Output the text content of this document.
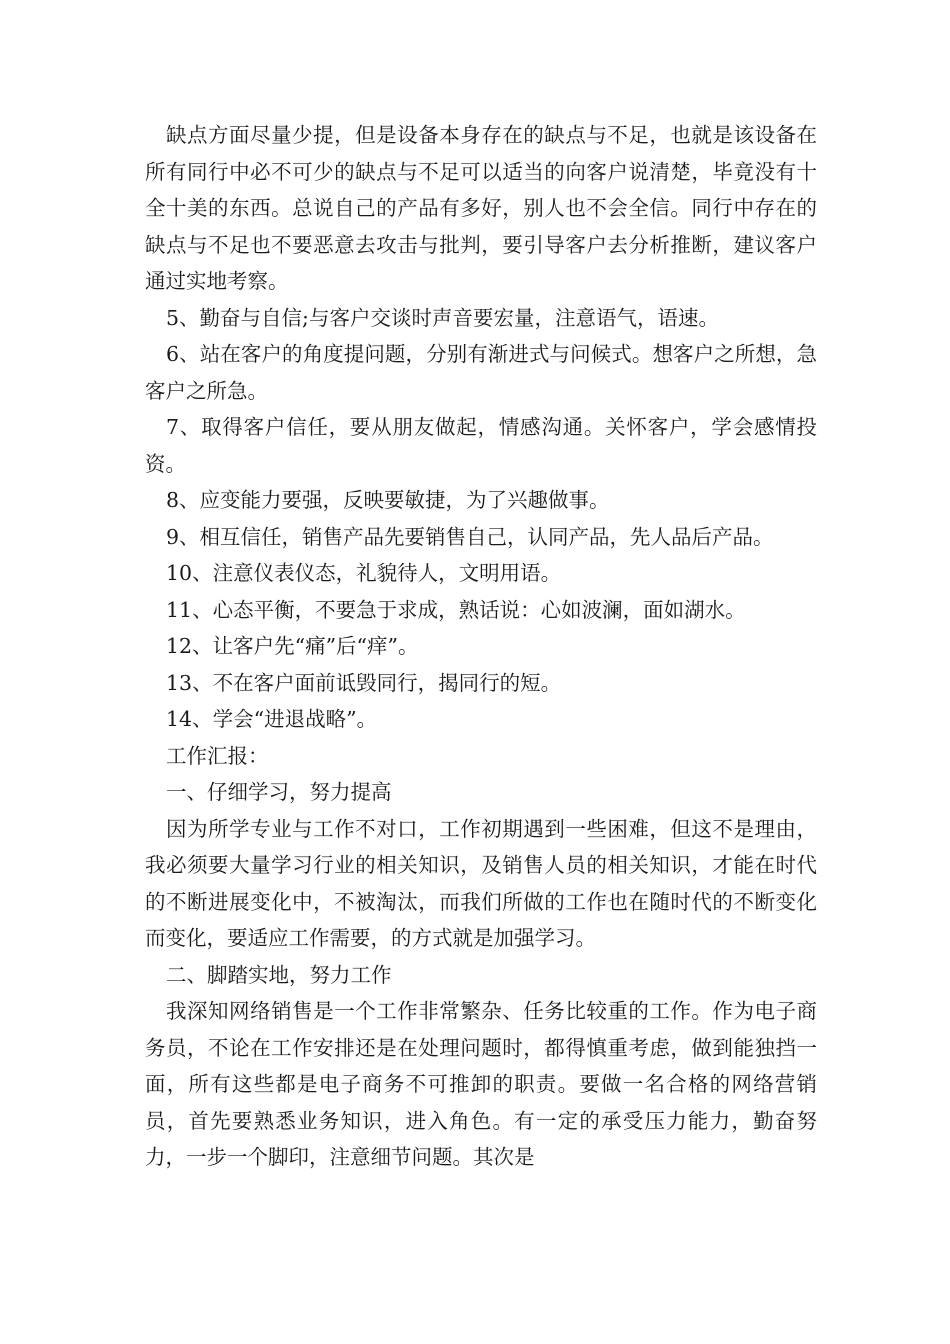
缺点方面尽量少提，但是设备本身存在的缺点与不足，也就是该设备在所有同行中必不可少的缺点与不足可以适当的向客户说清楚，毕竟没有十全十美的东西。总说自己的产品有多好，别人也不会全信。同行中存在的缺点与不足也不要恶意去攻击与批判，要引导客户去分析推断，建议客户通过实地考察。

5、勤奋与自信;与客户交谈时声音要宏量，注意语气，语速。

6、站在客户的角度提问题，分别有渐进式与问候式。想客户之所想，急客户之所急。

7、取得客户信任，要从朋友做起，情感沟通。关怀客户，学会感情投资。

8、应变能力要强，反映要敏捷，为了兴趣做事。

9、相互信任，销售产品先要销售自己，认同产品，先人品后产品。

10、注意仪表仪态，礼貌待人，文明用语。

11、心态平衡，不要急于求成，熟话说：心如波澜，面如湖水。

12、让客户先“痛”后“痒”。

13、不在客户面前诋毁同行，揭同行的短。

14、学会“进退战略”。

工作汇报：

一、仔细学习，努力提高

因为所学专业与工作不对口，工作初期遇到一些困难，但这不是理由，我必须要大量学习行业的相关知识，及销售人员的相关知识，才能在时代的不断进展变化中，不被淘汰，而我们所做的工作也在随时代的不断变化而变化，要适应工作需要，的方式就是加强学习。

二、脚踏实地，努力工作

我深知网络销售是一个工作非常繁杂、任务比较重的工作。作为电子商务员，不论在工作安排还是在处理问题时，都得慎重考虑，做到能独挡一面，所有这些都是电子商务不可推卸的职责。要做一名合格的网络营销员，首先要熟悉业务知识，进入角色。有一定的承受压力能力，勤奋努力，一步一个脚印，注意细节问题。其次是
